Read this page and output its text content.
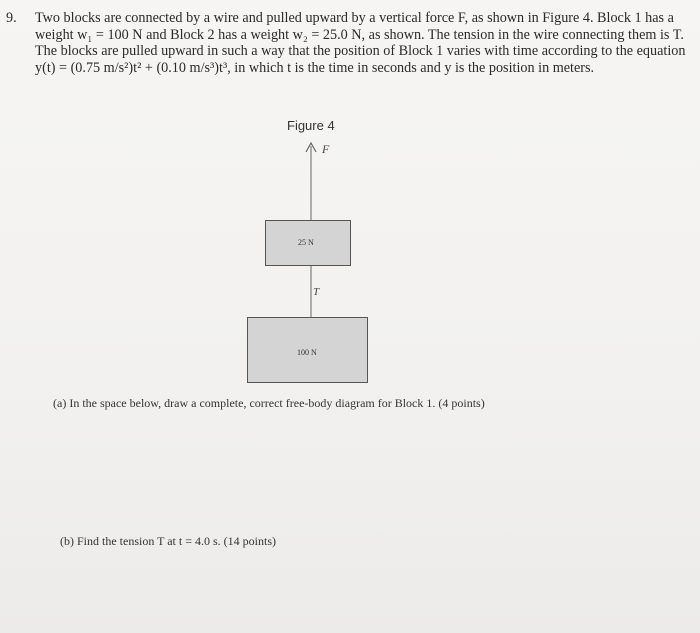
9. Two blocks are connected by a wire and pulled upward by a vertical force F, as shown in Figure 4. Block 1 has a weight w₁ = 100 N and Block 2 has a weight w₂ = 25.0 N, as shown. The tension in the wire connecting them is T. The blocks are pulled upward in such a way that the position of Block 1 varies with time according to the equation y(t) = (0.75 m/s²)t² + (0.10 m/s³)t³, in which t is the time in seconds and y is the position in meters.
Figure 4
F
T
25 N
100 N
(a) In the space below, draw a complete, correct free-body diagram for Block 1. (4 points)
(b) Find the tension T at t = 4.0 s. (14 points)
